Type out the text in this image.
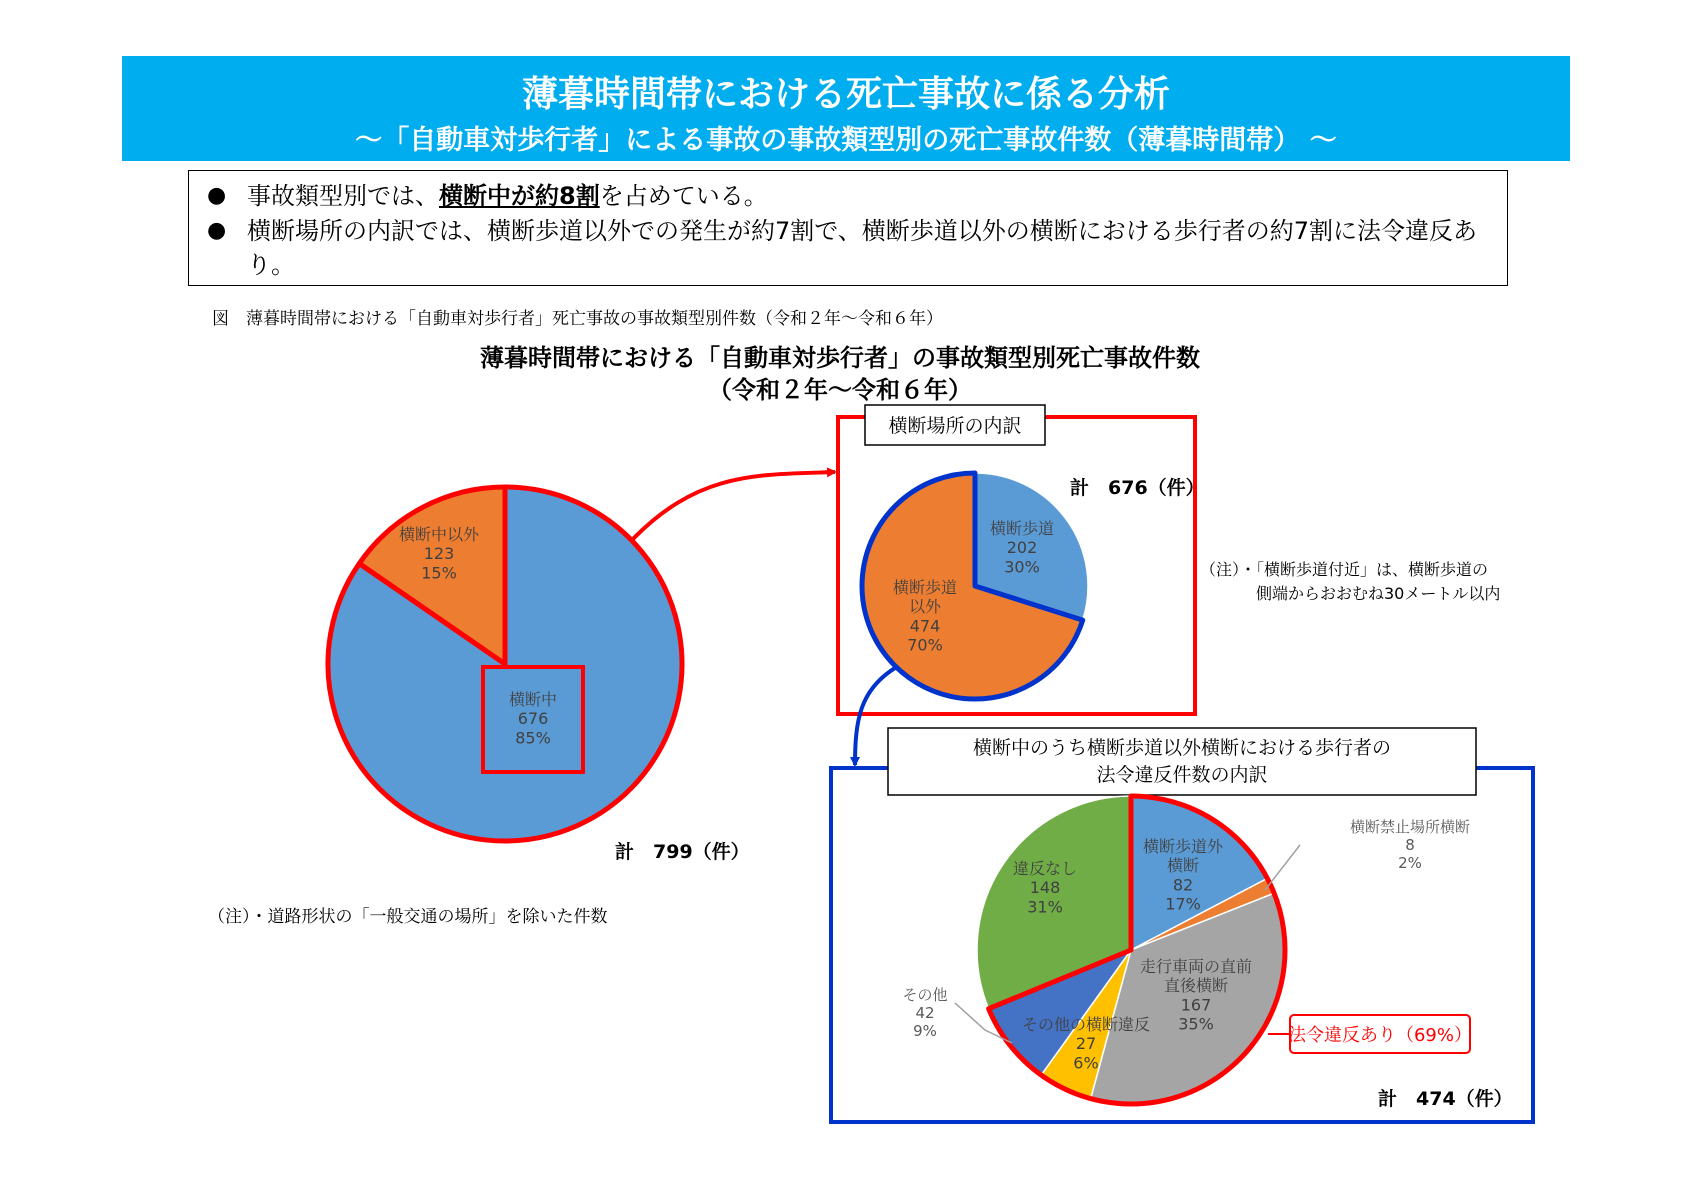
薄暮時間帯における死亡事故に係る分析
～「自動車対歩行者」による事故の事故類型別の死亡事故件数（薄暮時間帯） ～
● 事故類型別では、横断中が約8割を占めている。
● 横断場所の内訳では、横断歩道以外での発生が約7割で、横断歩道以外の横断における歩行者の約7割に法令違反あり。
図　薄暮時間帯における「自動車対歩行者」死亡事故の事故類型別件数（令和２年～令和６年）
薄暮時間帯における「自動車対歩行者」の事故類型別死亡事故件数
（令和２年～令和６年）
（注）・道路形状の「一般交通の場所」を除いた件数
（注）・「横断歩道付近」は、横断歩道の
側端からおおむね30メートル以内
横断場所の内訳
横断中のうち横断歩道以外横断における歩行者の
法令違反件数の内訳
横断中
676
85%
横断中以外
123
15%
横断歩道
202
30%
横断歩道
以外
474
70%
横断歩道外
横断
82
17%
走行車両の直前
直後横断
167
35%
その他の横断違反
27
6%
その他
42
9%
違反なし
148
31%
横断禁止場所横断
8
2%
計　799（件）
計　676（件）
計　474（件）
法令違反あり（69%）
